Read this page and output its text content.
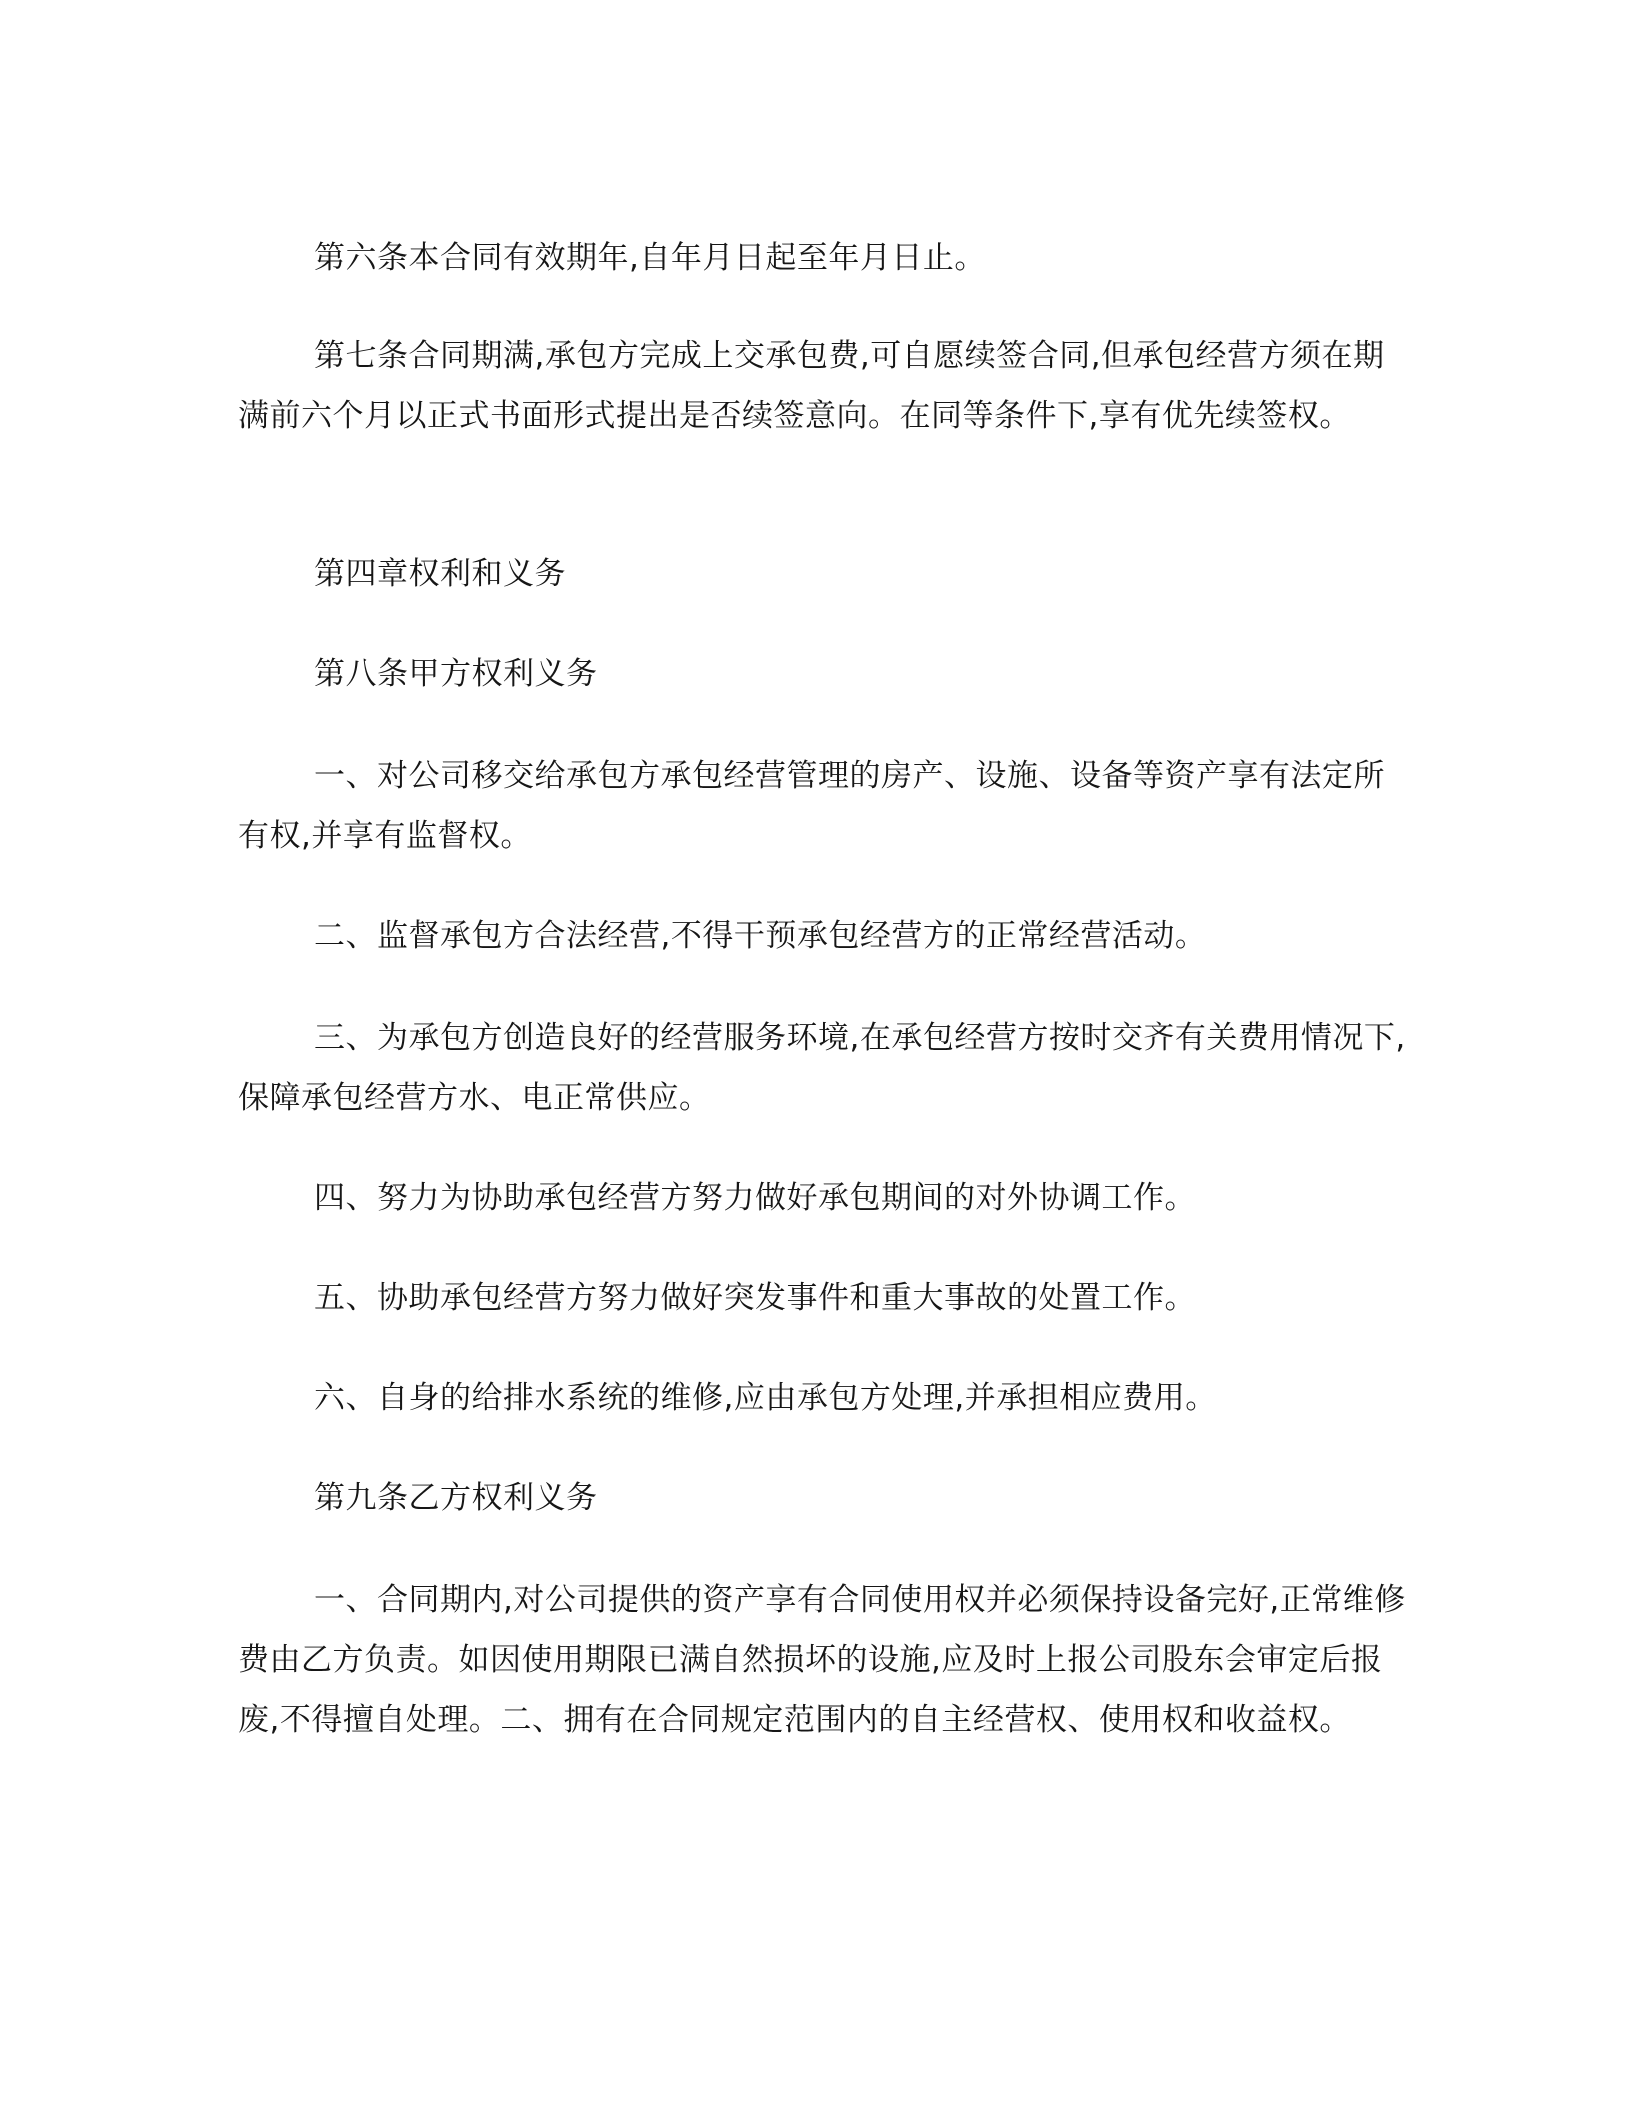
第六条本合同有效期年,自年月日起至年月日止。

第七条合同期满,承包方完成上交承包费,可自愿续签合同,但承包经营方须在期满前六个月以正式书面形式提出是否续签意向。在同等条件下,享有优先续签权。

第四章权利和义务

第八条甲方权利义务

一、对公司移交给承包方承包经营管理的房产、设施、设备等资产享有法定所有权,并享有监督权。

二、监督承包方合法经营,不得干预承包经营方的正常经营活动。

三、为承包方创造良好的经营服务环境,在承包经营方按时交齐有关费用情况下,保障承包经营方水、电正常供应。

四、努力为协助承包经营方努力做好承包期间的对外协调工作。

五、协助承包经营方努力做好突发事件和重大事故的处置工作。

六、自身的给排水系统的维修,应由承包方处理,并承担相应费用。

第九条乙方权利义务

一、合同期内,对公司提供的资产享有合同使用权并必须保持设备完好,正常维修费由乙方负责。如因使用期限已满自然损坏的设施,应及时上报公司股东会审定后报废,不得擅自处理。二、拥有在合同规定范围内的自主经营权、使用权和收益权。
